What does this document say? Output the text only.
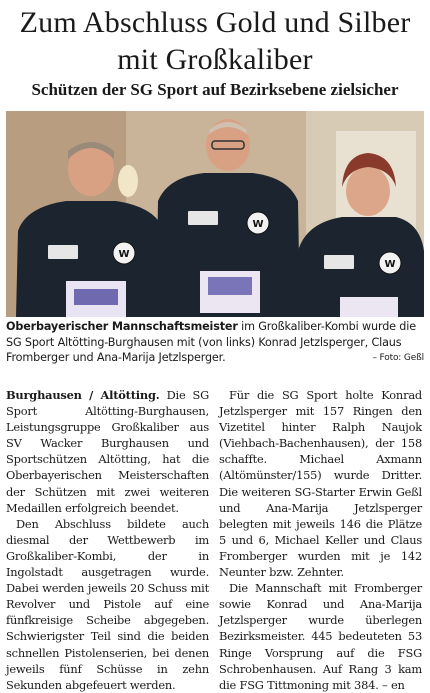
Zum Abschluss Gold und Silber mit Großkaliber
Schützen der SG Sport auf Bezirksebene zielsicher
W
W
W
Oberbayerischer Mannschaftsmeister im Großkaliber-Kombi wurde die SG Sport Altötting-Burghausen mit (von links) Konrad Jetzlsperger, Claus Fromberger und Ana-Marija Jetzlsperger.	– Foto: Geßl

Burghausen / Altötting. Die SG Sport Altötting-Burghausen, Leistungsgruppe Großkaliber aus SV Wacker Burghausen und Sportschützen Altötting, hat die Oberbayerischen Meisterschaften der Schützen mit zwei weiteren Medaillen erfolgreich beendet.

Den Abschluss bildete auch diesmal der Wettbewerb im Großkaliber-Kombi, der in Ingolstadt ausgetragen wurde. Dabei werden jeweils 20 Schuss mit Revolver und Pistole auf eine fünfkreisige Scheibe abgegeben. Schwierigster Teil sind die beiden schnellen Pistolenserien, bei denen jeweils fünf Schüsse in zehn Sekunden abgefeuert werden.

Für die SG Sport holte Konrad Jetzlsperger mit 157 Ringen den Vizetitel hinter Ralph Naujok (Viehbach-Bachenhausen), der 158 schaffte. Michael Axmann (Altömünster/155) wurde Dritter. Die weiteren SG-Starter Erwin Geßl und Ana-Marija Jetzlsperger belegten mit jeweils 146 die Plätze 5 und 6, Michael Keller und Claus Fromberger wurden mit je 142 Neunter bzw. Zehnter.

Die Mannschaft mit Fromberger sowie Konrad und Ana-Marija Jetzlsperger wurde überlegen Bezirksmeister. 445 bedeuteten 53 Ringe Vorsprung auf die FSG Schrobenhausen. Auf Rang 3 kam die FSG Tittmoning mit 384. – en
